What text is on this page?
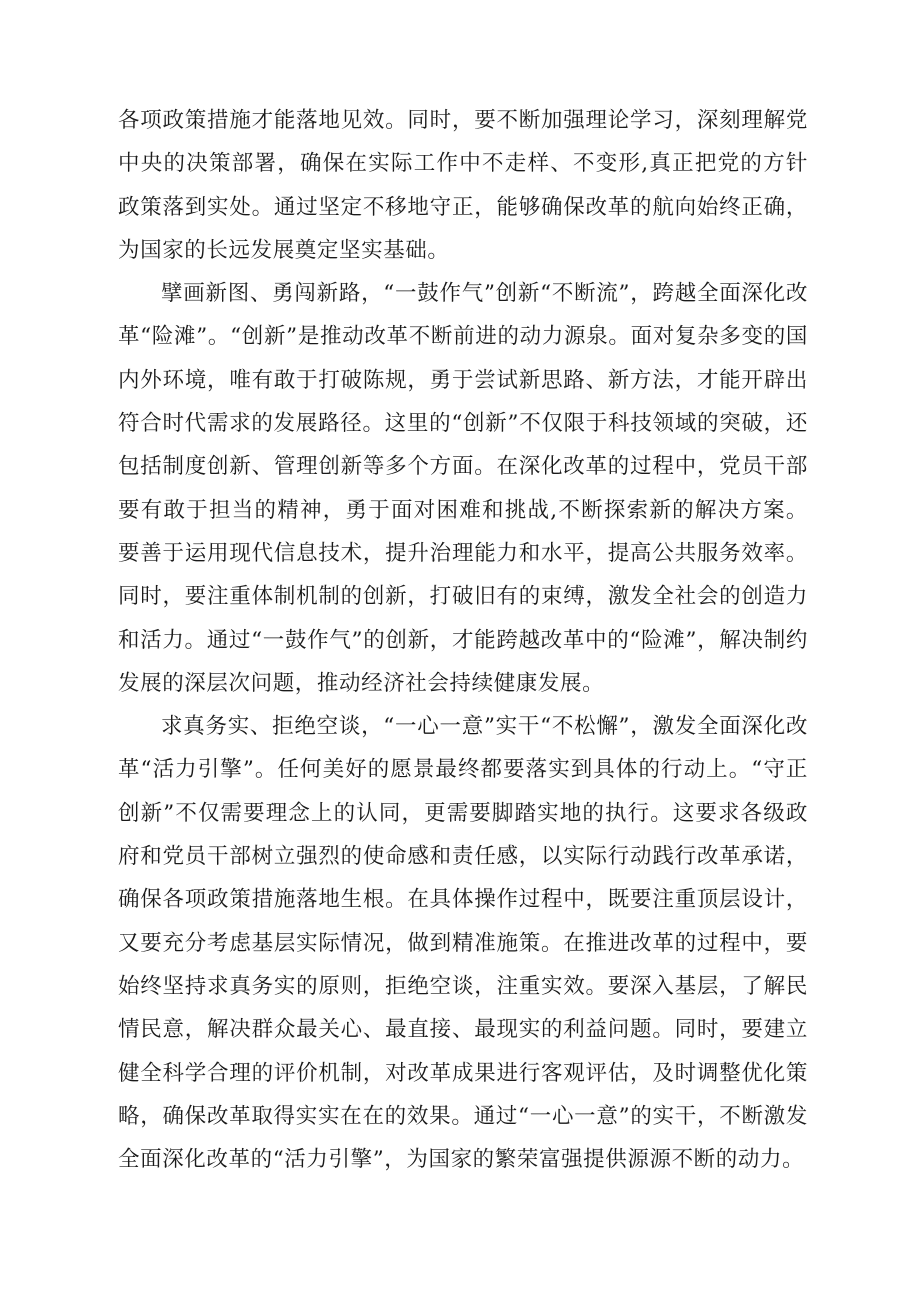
各项政策措施才能落地见效。同时，要不断加强理论学习，深刻理解党中央的决策部署，确保在实际工作中不走样、不变形,真正把党的方针政策落到实处。通过坚定不移地守正，能够确保改革的航向始终正确，为国家的长远发展奠定坚实基础。

擘画新图、勇闯新路，“一鼓作气”创新“不断流”，跨越全面深化改革“险滩”。“创新”是推动改革不断前进的动力源泉。面对复杂多变的国内外环境，唯有敢于打破陈规，勇于尝试新思路、新方法，才能开辟出符合时代需求的发展路径。这里的“创新”不仅限于科技领域的突破，还包括制度创新、管理创新等多个方面。在深化改革的过程中，党员干部要有敢于担当的精神，勇于面对困难和挑战,不断探索新的解决方案。要善于运用现代信息技术，提升治理能力和水平，提高公共服务效率。同时，要注重体制机制的创新，打破旧有的束缚，激发全社会的创造力和活力。通过“一鼓作气”的创新，才能跨越改革中的“险滩”，解决制约发展的深层次问题，推动经济社会持续健康发展。

求真务实、拒绝空谈，“一心一意”实干“不松懈”，激发全面深化改革“活力引擎”。任何美好的愿景最终都要落实到具体的行动上。“守正创新”不仅需要理念上的认同，更需要脚踏实地的执行。这要求各级政府和党员干部树立强烈的使命感和责任感，以实际行动践行改革承诺，确保各项政策措施落地生根。在具体操作过程中，既要注重顶层设计，又要充分考虑基层实际情况，做到精准施策。在推进改革的过程中，要始终坚持求真务实的原则，拒绝空谈，注重实效。要深入基层，了解民情民意，解决群众最关心、最直接、最现实的利益问题。同时，要建立健全科学合理的评价机制，对改革成果进行客观评估，及时调整优化策略，确保改革取得实实在在的效果。通过“一心一意”的实干，不断激发全面深化改革的“活力引擎”，为国家的繁荣富强提供源源不断的动力。
